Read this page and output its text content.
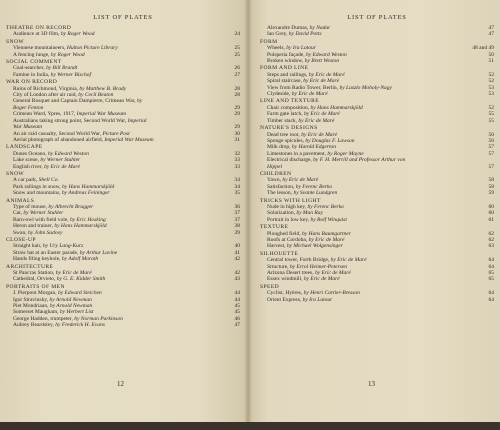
LIST OF PLATES
THEATRE ON RECORD
Audience at 3D film, by Roger Wood	24
SNOW
Viennese mountaineers, Hulton Picture Library	25
A fencing lunge, by Roger Wood	25
SOCIAL COMMENT
Coal-searcher, by Bill Brandt	26
Famine in India, by Werner Bischof	27
WAR ON RECORD
Ruins of Richmond, Virginia, by Matthew B. Brady	28
City of London after air raid, by Cecil Beaton	28
General Bosquet and Captain Dampierre, Crimean War, by
Roger Fenton	29
Crimean Ward, Ypres, 1917, Imperial War Museum	29
Australians taking strong point, Second World War, Imperial
War Museum	29
An air raid casualty, Second World War, Picture Post	30
Aerial photograph of abandoned airfield, Imperial War Museum	31
LANDSCAPE
Dunes Oceano, by Edward Weston	32
Lake scene, by Werner Stuhler	33
English river, by Eric de Maré	33
SNOW
A car park, Shell Co.	34
Park railings in snow, by Hans Hammarskjöld	34
Snow and mountains, by Andreas Feininger	35
ANIMALS
Type of mouse, by Albrecht Brugger	36
Cat, by Werner Stuhler	37
Barn-owl with field vole, by Eric Hosking	37
Heron and trainer, by Hans Hammarskjöld	38
Swan, by John Sadovy	39
CLOSE-UP
Straight hair, by Ury Lang-Kurz	40
Straw hat at an Easter parade, by Arthur Lavine	41
Hands filing keyhole, by Adolf Morath	42
ARCHITECTURE
St Pancras Station, by Eric de Maré	42
Cathedral, Orvieto, by G. E. Kidder Smith	43
PORTRAITS OF MEN
J. Pierpont Morgan, by Edward Steichen	44
Igor Stravinsky, by Arnold Newman	44
Piet Mondriaan, by Arnold Newman	45
Somerset Maugham, by Herbert List	45
George Hadden, trumpeter, by Norman Parkinson	46
Aubrey Beardsley, by Frederick H. Evans	47
12
LIST OF PLATES
Alexandre Dumas, by Nadar	47
Ian Grey, by David Potts	47
FORM
Wheels, by Ira Latour	48 and 49
Pulsperia façade, by Edward Weston	50
Broken window, by Brett Weston	51
FORM AND LINE
Steps and railings, by Eric de Maré	52
Spiral staircase, by Eric de Maré	52
View from Radio Tower, Berlin, by Laszlo Moholy-Nagy	53
Clydeside, by Eric de Maré	53
LINE AND TEXTURE
Chair composition, by Hans Hammarskjöld	52
Farm gate latch, by Eric de Maré	55
Timber stack, by Eric de Maré	55
NATURE'S DESIGNS
Dead tree root, by Eric de Maré	56
Sponge spicules, by Douglas F. Lawson	56
Milk drop, by Harold Edgerton	57
Limestones in a pavement, by Roger Mayne	57
Electrical discharge, by F. H. Merrill and Professor Arthur von
Hippel	57
CHILDREN
Yawn, by Eric de Maré	58
Satisfaction, by Ferenc Berko	58
The lesson, by Svante Lundgren	59
TRICKS WITH LIGHT
Nude in high key, by Ferenc Berko	60
Solarization, by Man Ray	60
Portrait in low key, by Rolf Winquist	61
TEXTURE
Ploughed field, by Hans Baumgartner	62
Roofs at Cordoba, by Eric de Maré	62
Harvest, by Michael Wolgensinger	63
SILHOUETTE
Central tower, Forth Bridge, by Eric de Maré	64
Structure, by Errol Heimer-Petersen	64
Arizona Desert trees, by Eric de Maré	65
Essex windmill, by Eric de Maré	65
SPEED
Cyclist, Hyères, by Henri Cartier-Bresson	64
Orient Express, by Ira Latour	64
13
